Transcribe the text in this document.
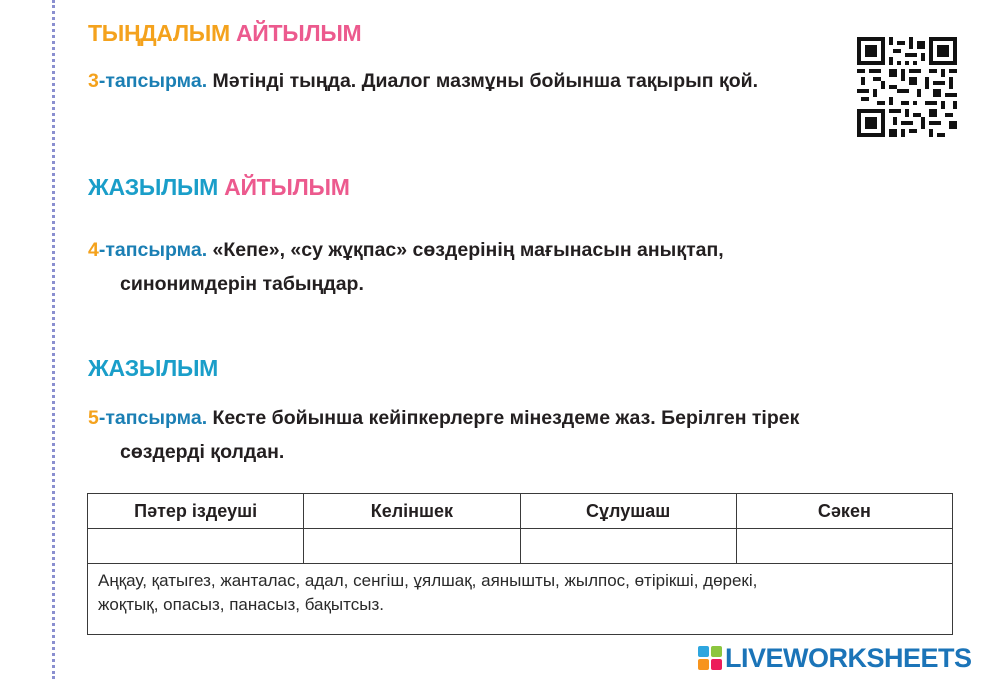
ТЫҢДАЛЫМ АЙТЫЛЫМ
3-тапсырма. Мәтінді тыңда. Диалог мазмұны бойынша тақырып қой.
ЖАЗЫЛЫМ АЙТЫЛЫМ
4-тапсырма. «Кепе», «су жұқпас» сөздерінің мағынасын анықтап,
синонимдерін табыңдар.
ЖАЗЫЛЫМ
5-тапсырма. Кесте бойынша кейіпкерлерге мінездеме жаз. Берілген тірек
сөздерді қолдан.
Пәтер іздеуші	Келіншек	Сұлушаш	Сәкен

Аңқау, қатыгез, жанталас, адал, сенгіш, ұялшақ, аянышты, жылпос, өтірікші, дөрекі,
жоқтық, опасыз, панасыз, бақытсыз.			
LIVEWORKSHEETS
